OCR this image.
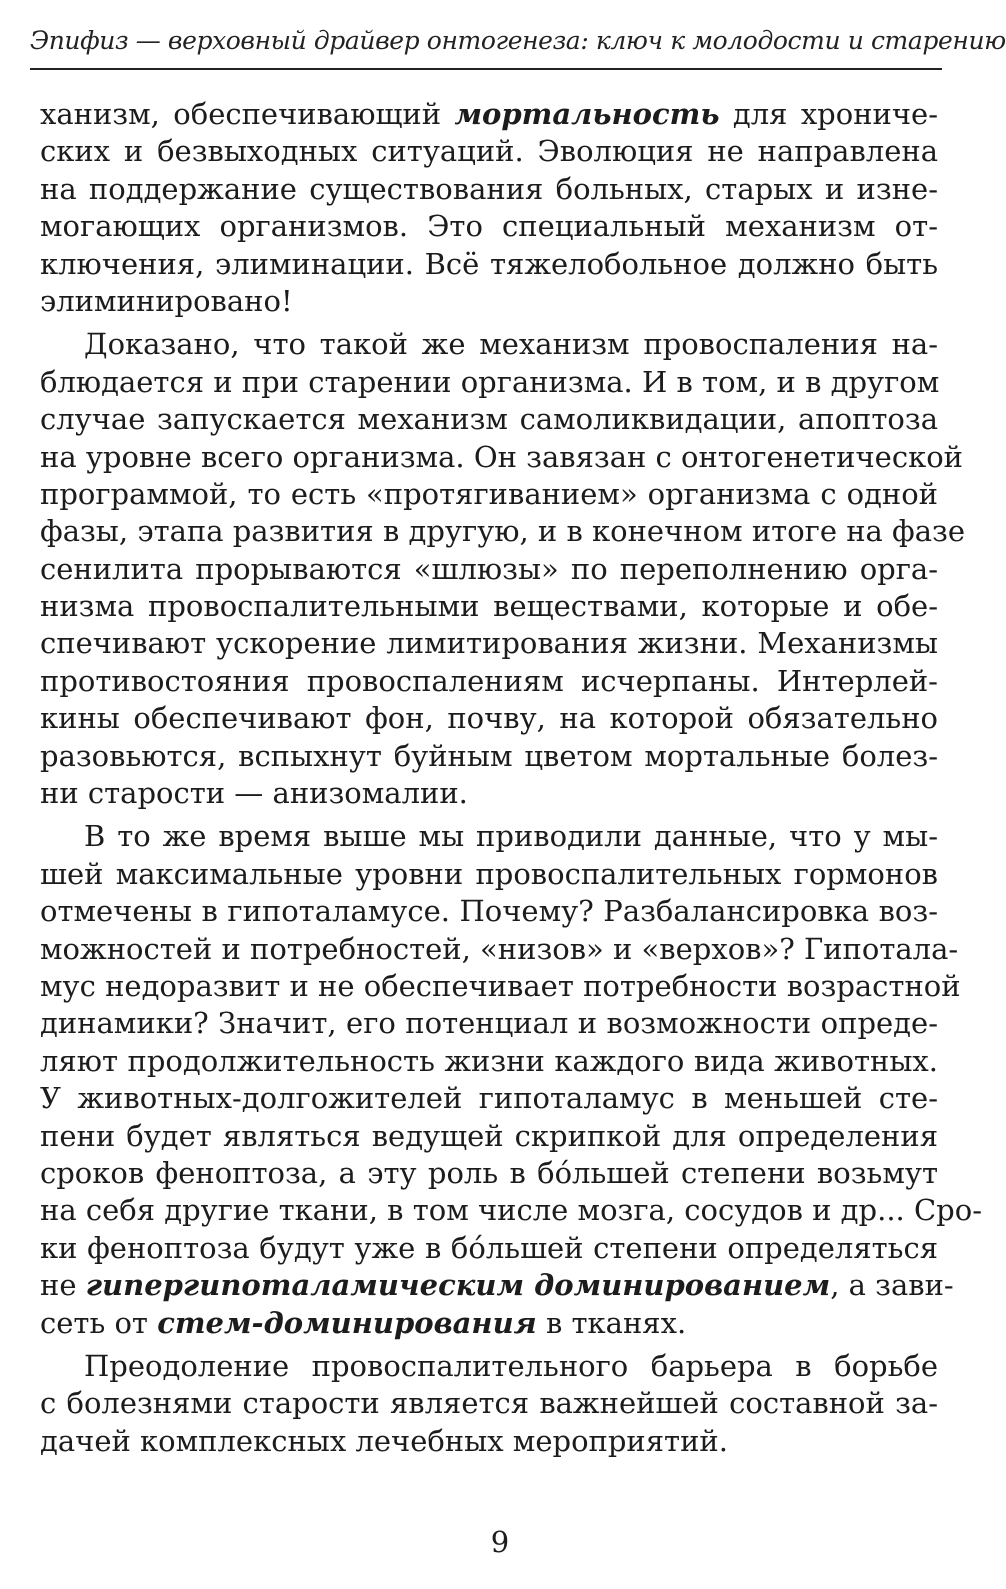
Эпифиз — верховный драйвер онтогенеза: ключ к молодости и старению
ханизм, обеспечивающий мортальность для хрониче-
ских и безвыходных ситуаций. Эволюция не направлена
на поддержание существования больных, старых и изне-
могающих организмов. Это специальный механизм от-
ключения, элиминации. Всё тяжелобольное должно быть
элиминировано!
Доказано, что такой же механизм провоспаления на-
блюдается и при старении организма. И в том, и в другом
случае запускается механизм самоликвидации, апоптоза
на уровне всего организма. Он завязан с онтогенетической
программой, то есть «протягиванием» организма с одной
фазы, этапа развития в другую, и в конечном итоге на фазе
сенилита прорываются «шлюзы» по переполнению орга-
низма провоспалительными веществами, которые и обе-
спечивают ускорение лимитирования жизни. Механизмы
противостояния провоспалениям исчерпаны. Интерлей-
кины обеспечивают фон, почву, на которой обязательно
разовьются, вспыхнут буйным цветом мортальные болез-
ни старости — анизомалии.
В то же время выше мы приводили данные, что у мы-
шей максимальные уровни провоспалительных гормонов
отмечены в гипоталамусе. Почему? Разбалансировка воз-
можностей и потребностей, «низов» и «верхов»? Гипотала-
мус недоразвит и не обеспечивает потребности возрастной
динамики? Значит, его потенциал и возможности опреде-
ляют продолжительность жизни каждого вида животных.
У животных-долгожителей гипоталамус в меньшей сте-
пени будет являться ведущей скрипкой для определения
сроков феноптоза, а эту роль в бóльшей степени возьмут
на себя другие ткани, в том числе мозга, сосудов и др... Сро-
ки феноптоза будут уже в бóльшей степени определяться
не гипергипоталамическим доминированием, а зави-
сеть от стем-доминирования в тканях.
Преодоление провоспалительного барьера в борьбе
с болезнями старости является важнейшей составной за-
дачей комплексных лечебных мероприятий.
9
